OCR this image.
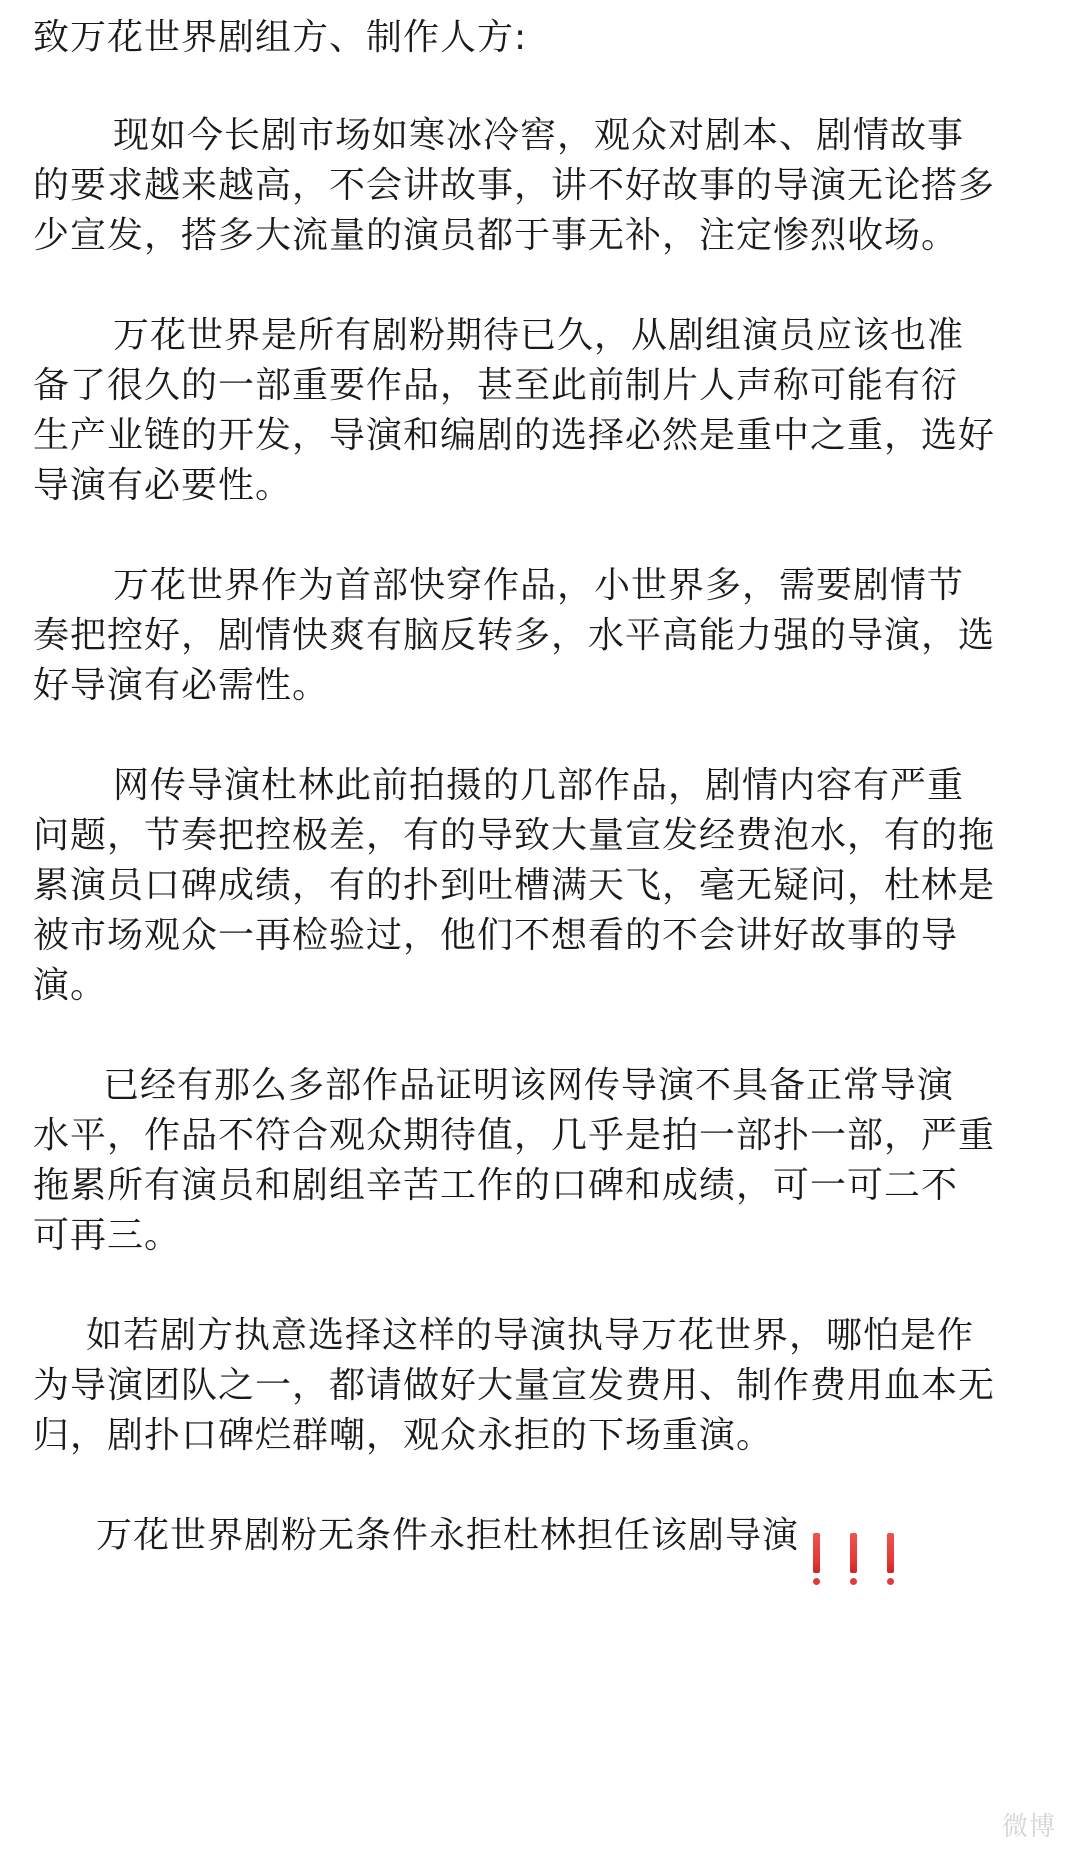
致万花世界剧组方、制作人方:
现如今长剧市场如寒冰冷窖，观众对剧本、剧情故事
的要求越来越高，不会讲故事，讲不好故事的导演无论搭多
少宣发，搭多大流量的演员都于事无补，注定惨烈收场。
万花世界是所有剧粉期待已久，从剧组演员应该也准
备了很久的一部重要作品，甚至此前制片人声称可能有衍
生产业链的开发，导演和编剧的选择必然是重中之重，选好
导演有必要性。
万花世界作为首部快穿作品，小世界多，需要剧情节
奏把控好，剧情快爽有脑反转多，水平高能力强的导演，选
好导演有必需性。
网传导演杜林此前拍摄的几部作品，剧情内容有严重
问题，节奏把控极差，有的导致大量宣发经费泡水，有的拖
累演员口碑成绩，有的扑到吐槽满天飞，毫无疑问，杜林是
被市场观众一再检验过，他们不想看的不会讲好故事的导
演。
已经有那么多部作品证明该网传导演不具备正常导演
水平，作品不符合观众期待值，几乎是拍一部扑一部，严重
拖累所有演员和剧组辛苦工作的口碑和成绩，可一可二不
可再三。
如若剧方执意选择这样的导演执导万花世界，哪怕是作
为导演团队之一，都请做好大量宣发费用、制作费用血本无
归，剧扑口碑烂群嘲，观众永拒的下场重演。
万花世界剧粉无条件永拒杜林担任该剧导演
微博
